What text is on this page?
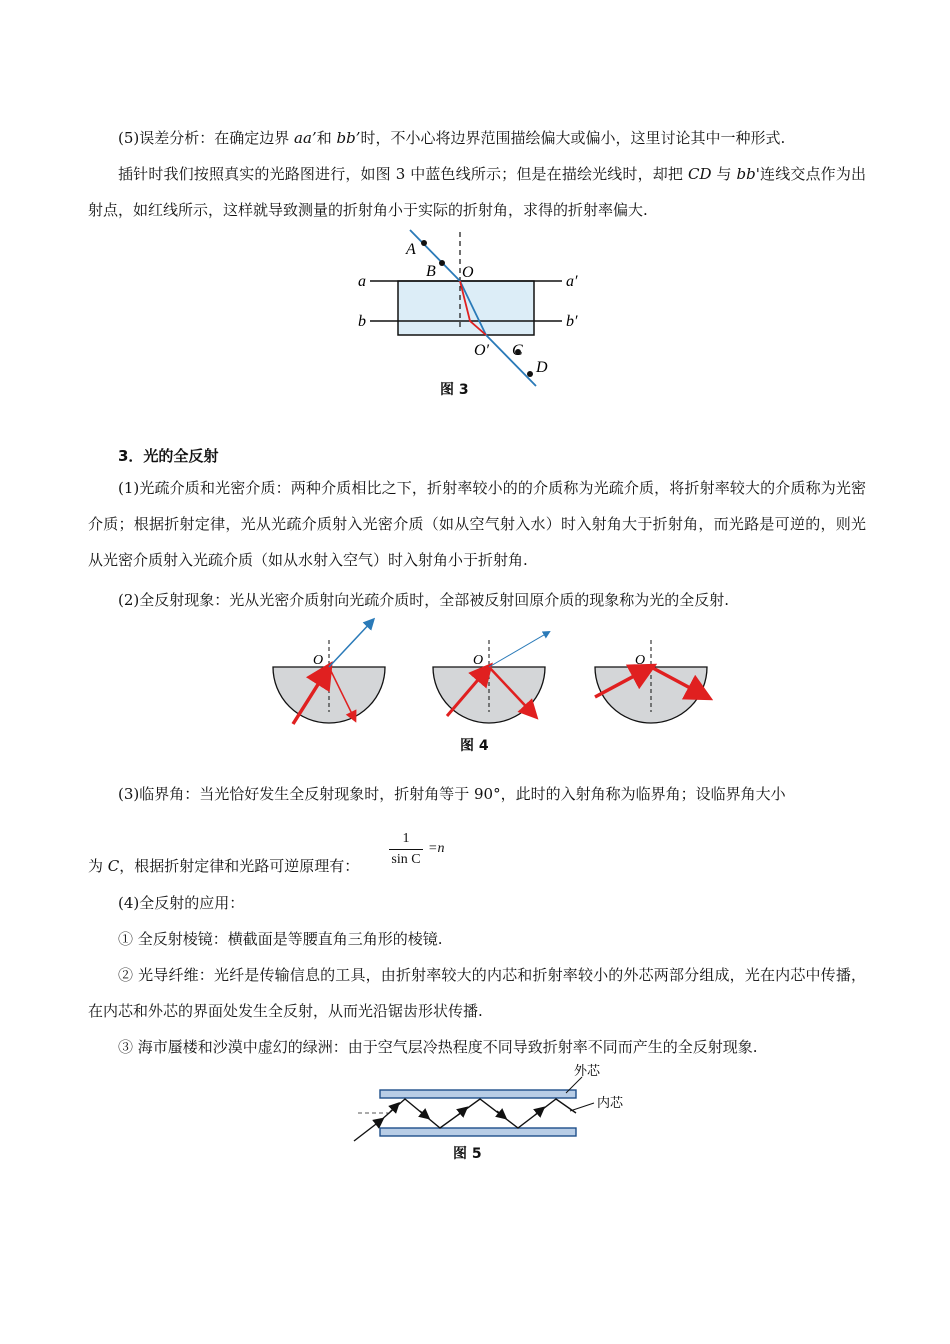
(5)误差分析：在确定边界 aa’和 bb’时，不小心将边界范围描绘偏大或偏小，这里讨论其中一种形式.

插针时我们按照真实的光路图进行，如图 3 中蓝色线所示；但是在描绘光线时，却把 CD 与 bb'连线交点作为出射点，如红线所示，这样就导致测量的折射角小于实际的折射角，求得的折射率偏大.

A
B O
a	a′
b	b′
O′ C
D
图 3
3．光的全反射

(1)光疏介质和光密介质：两种介质相比之下，折射率较小的的介质称为光疏介质，将折射率较大的介质称为光密介质；根据折射定律，光从光疏介质射入光密介质（如从空气射入水）时入射角大于折射角，而光路是可逆的，则光从光密介质射入光疏介质（如从水射入空气）时入射角小于折射角.

(2)全反射现象：光从光密介质射向光疏介质时，全部被反射回原介质的现象称为光的全反射.

O	O	O
图 4

(3)临界角：当光恰好发生全反射现象时，折射角等于 90°，此时的入射角称为临界角；设临界角大小

1
sin C
=n

为 C，根据折射定律和光路可逆原理有：

(4)全反射的应用：

① 全反射棱镜：横截面是等腰直角三角形的棱镜.

② 光导纤维：光纤是传输信息的工具，由折射率较大的内芯和折射率较小的外芯两部分组成，光在内芯中传播，在内芯和外芯的界面处发生全反射，从而光沿锯齿形状传播.

③ 海市蜃楼和沙漠中虚幻的绿洲：由于空气层冷热程度不同导致折射率不同而产生的全反射现象.

外芯
内芯
图 5
